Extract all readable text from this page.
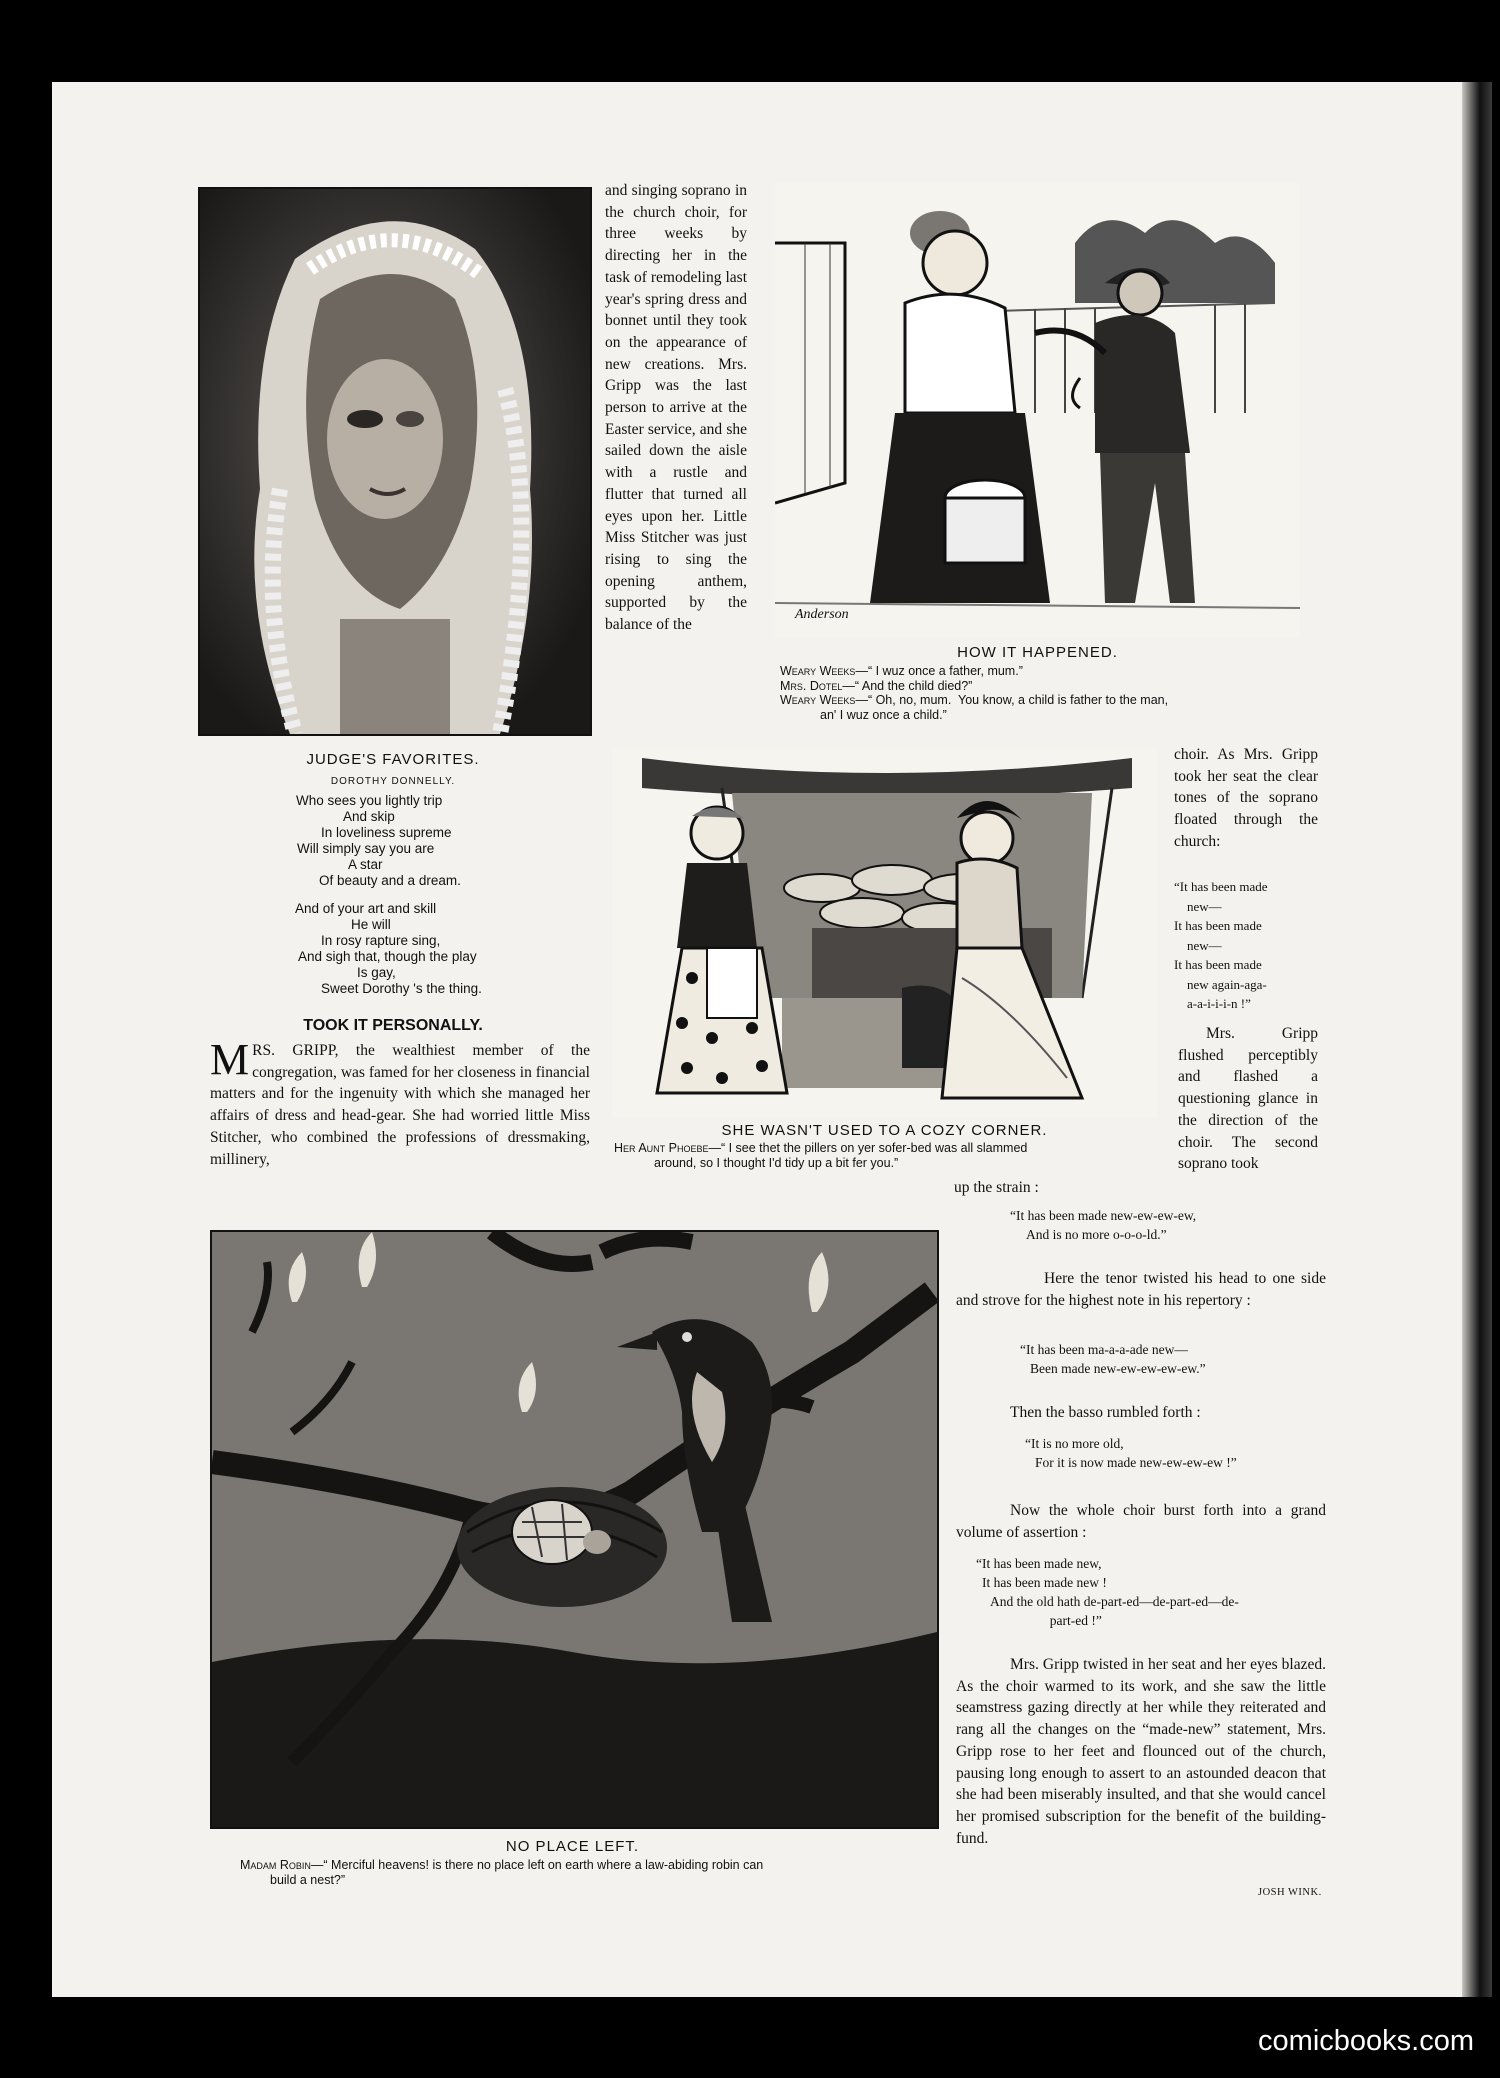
JUDGE'S FAVORITES.
DOROTHY DONNELLY.
Who sees you lightly trip
And skip
In loveliness supreme
Will simply say you are
A star
Of beauty and a dream.
And of your art and skill
He will
In rosy rapture sing,
And sigh that, though the play
Is gay,
Sweet Dorothy 's the thing.
TOOK IT PERSONALLY.
MRS. GRIPP, the wealthiest member of the congregation, was famed for her closeness in financial matters and for the ingenuity with which she managed her affairs of dress and head-gear. She had worried little Miss Stitcher, who combined the professions of dressmaking, millinery,
and singing soprano in the church choir, for three weeks by directing her in the task of remodeling last year's spring dress and bonnet until they took on the appearance of new creations. Mrs. Gripp was the last person to arrive at the Easter service, and she sailed down the aisle with a rustle and flutter that turned all eyes upon her. Little Miss Stitcher was just rising to sing the opening anthem, supported by the balance of the
Anderson
HOW IT HAPPENED.
Weary Weeks—“ I wuz once a father, mum.”
Mrs. Dotel—“ And the child died?”
Weary Weeks—“ Oh, no, mum.  You know, a child is father to the man,
an' I wuz once a child.”
SHE WASN'T USED TO A COZY CORNER.
Her Aunt Phoebe—“ I see thet the pillers on yer sofer-bed was all slammed
around, so I thought I'd tidy up a bit fer you.”
choir. As Mrs. Gripp took her seat the clear tones of the soprano floated through the church:
“It has been made
new—
It has been made
new—
It has been made
new again-aga-
a-a-i-i-i-n !”
Mrs. Gripp flushed perceptibly and flashed a questioning glance in the direction of the choir. The second soprano took
up the strain :
“It has been made new-ew-ew-ew,
And is no more o-o-o-ld.”
Here the tenor twisted his head to one side and strove for the highest note in his repertory :
“It has been ma-a-a-ade new—
Been made new-ew-ew-ew-ew.”
Then the basso rumbled forth :
“It is no more old,
For it is now made new-ew-ew-ew !”
Now the whole choir burst forth into a grand volume of assertion :
“It has been made new,
It has been made new !
And the old hath de-part-ed—de-part-ed—de-
part-ed !”
Mrs. Gripp twisted in her seat and her eyes blazed. As the choir warmed to its work, and she saw the little seamstress gazing directly at her while they reiterated and rang all the changes on the “made-new” statement, Mrs. Gripp rose to her feet and flounced out of the church, pausing long enough to assert to an astounded deacon that she had been miserably insulted, and that she would cancel her promised subscription for the benefit of the building-fund.
JOSH WINK.
NO PLACE LEFT.
Madam Robin—“ Merciful heavens! is there no place left on earth where a law-abiding robin can
build a nest?”
comicbooks.com
